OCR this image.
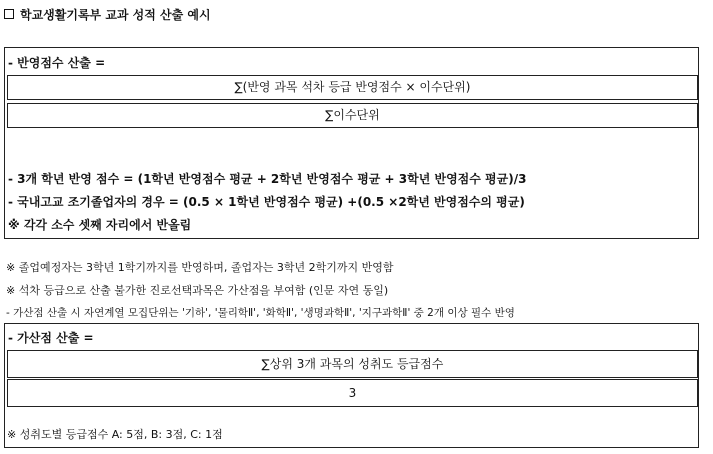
학교생활기록부 교과 성적 산출 예시
- 반영점수 산출 =
∑(반영 과목 석차 등급 반영점수 × 이수단위)
∑이수단위
- 3개 학년 반영 점수 = (1학년 반영점수 평균 + 2학년 반영점수 평균 + 3학년 반영점수 평균)/3
- 국내고교 조기졸업자의 경우 = (0.5 × 1학년 반영점수 평균) +(0.5 ×2학년 반영점수의 평균)
※ 각각 소수 셋째 자리에서 반올림
※ 졸업예정자는 3학년 1학기까지를 반영하며, 졸업자는 3학년 2학기까지 반영함
※ 석차 등급으로 산출 불가한 진로선택과목은 가산점을 부여함 (인문 자연 동일)
- 가산점 산출 시 자연계열 모집단위는 '기하', '물리학Ⅱ', '화학Ⅱ', '생명과학Ⅱ', '지구과학Ⅱ' 중 2개 이상 필수 반영
- 가산점 산출 =
∑상위 3개 과목의 성취도 등급점수
3
※ 성취도별 등급점수 A: 5점, B: 3점, C: 1점
